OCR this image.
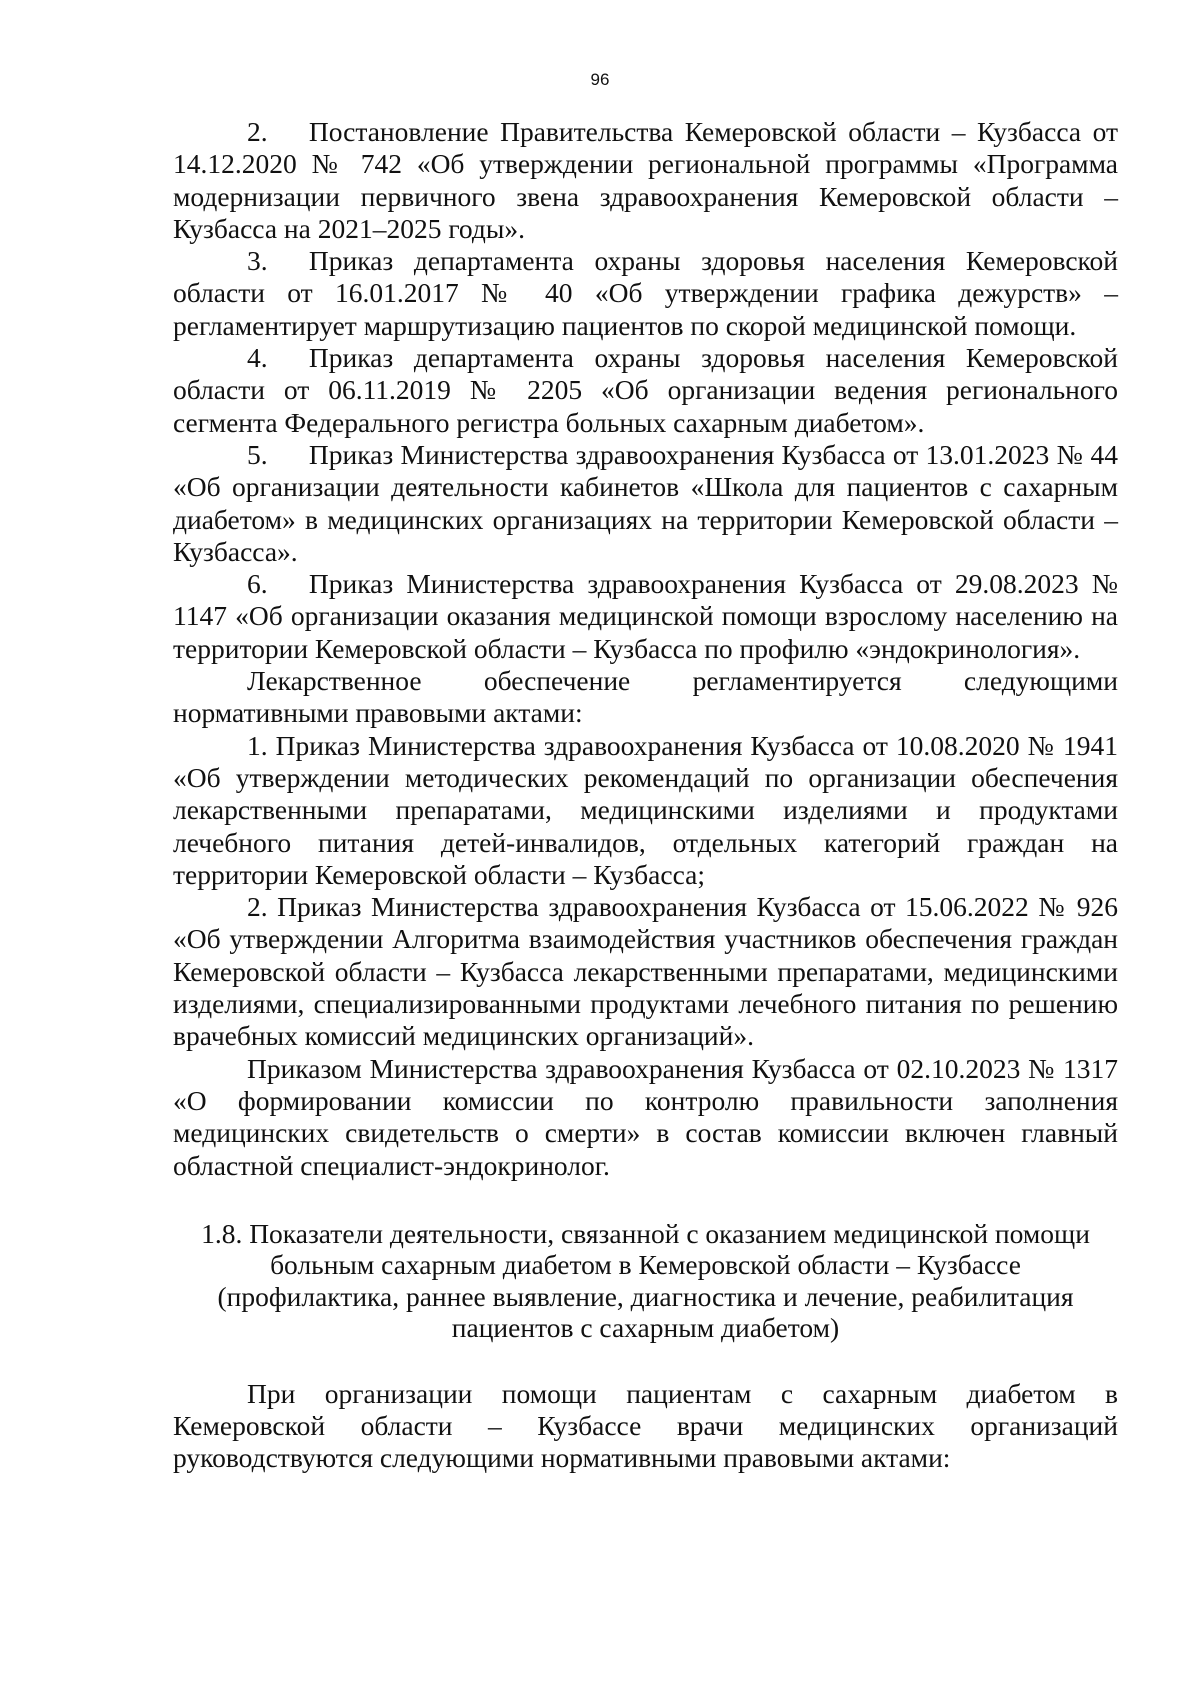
96

2.  Постановление Правительства Кемеровской области – Кузбасса от 14.12.2020 № 742 «Об утверждении региональной программы «Программа модернизации первичного звена здравоохранения Кемеровской области – Кузбасса на 2021–2025 годы».

3.  Приказ департамента охраны здоровья населения Кемеровской области от 16.01.2017 № 40 «Об утверждении графика дежурств» – регламентирует маршрутизацию пациентов по скорой медицинской помощи.

4.  Приказ департамента охраны здоровья населения Кемеровской области от 06.11.2019 № 2205 «Об организации ведения регионального сегмента Федерального регистра больных сахарным диабетом».

5.  Приказ Министерства здравоохранения Кузбасса от 13.01.2023 № 44 «Об организации деятельности кабинетов «Школа для пациентов с сахарным диабетом» в медицинских организациях на территории Кемеровской области – Кузбасса».

6.  Приказ Министерства здравоохранения Кузбасса от 29.08.2023 № 1147 «Об организации оказания медицинской помощи взрослому населению на территории Кемеровской области – Кузбасса по профилю «эндокринология».

Лекарственное обеспечение регламентируется следующими нормативными правовыми актами:

1. Приказ Министерства здравоохранения Кузбасса от 10.08.2020 № 1941 «Об утверждении методических рекомендаций по организации обеспечения лекарственными препаратами, медицинскими изделиями и продуктами лечебного питания детей-инвалидов, отдельных категорий граждан на территории Кемеровской области – Кузбасса;

2. Приказ Министерства здравоохранения Кузбасса от 15.06.2022 № 926 «Об утверждении Алгоритма взаимодействия участников обеспечения граждан Кемеровской области – Кузбасса лекарственными препаратами, медицинскими изделиями, специализированными продуктами лечебного питания по решению врачебных комиссий медицинских организаций».

Приказом Министерства здравоохранения Кузбасса от 02.10.2023 № 1317 «О формировании комиссии по контролю правильности заполнения медицинских свидетельств о смерти» в состав комиссии включен главный областной специалист-эндокринолог.

1.8. Показатели деятельности, связанной с оказанием медицинской помощи
больным сахарным диабетом в Кемеровской области – Кузбассе
(профилактика, раннее выявление, диагностика и лечение, реабилитация
пациентов с сахарным диабетом)

При организации помощи пациентам с сахарным диабетом в Кемеровской области – Кузбассе врачи медицинских организаций руководствуются следующими нормативными правовыми актами:
